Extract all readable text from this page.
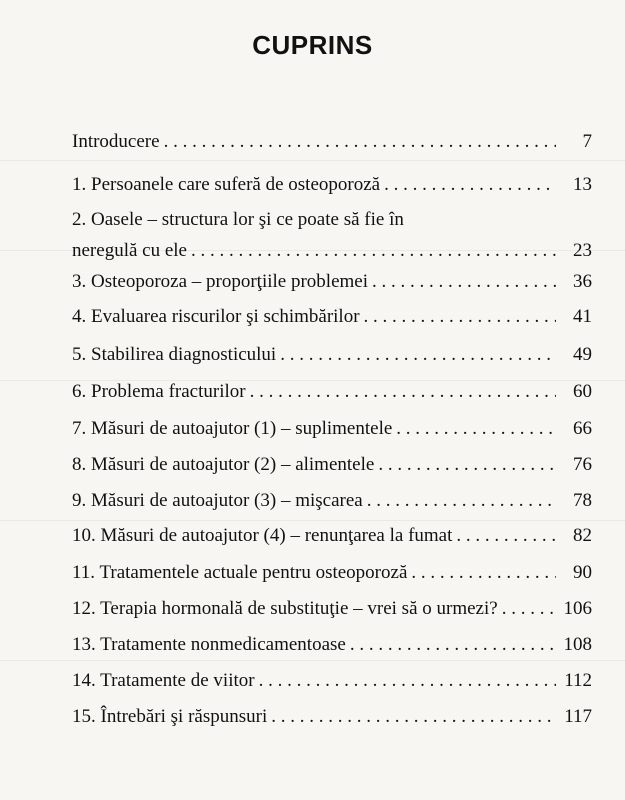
CUPRINS
Introducere . . .	7
1. Persoanele care suferă de osteoporoză . . .	13
2. Oasele – structura lor şi ce poate să fie în
neregulă cu ele . . .	23
3. Osteoporoza – proporţiile problemei . . .	36
4. Evaluarea riscurilor şi schimbărilor . . .	41
5. Stabilirea diagnosticului . . .	49
6. Problema fracturilor . . .	60
7. Măsuri de autoajutor (1) – suplimentele . . .	66
8. Măsuri de autoajutor (2) – alimentele . . .	76
9. Măsuri de autoajutor (3) – mişcarea . . .	78
10. Măsuri de autoajutor (4) – renunţarea la fumat . . .	82
11. Tratamentele actuale pentru osteoporoză . . .	90
12. Terapia hormonală de substituţie – vrei să o urmezi? . . .	106
13. Tratamente nonmedicamentoase . . .	108
14. Tratamente de viitor . . .	112
15. Întrebări şi răspunsuri . . .	117
